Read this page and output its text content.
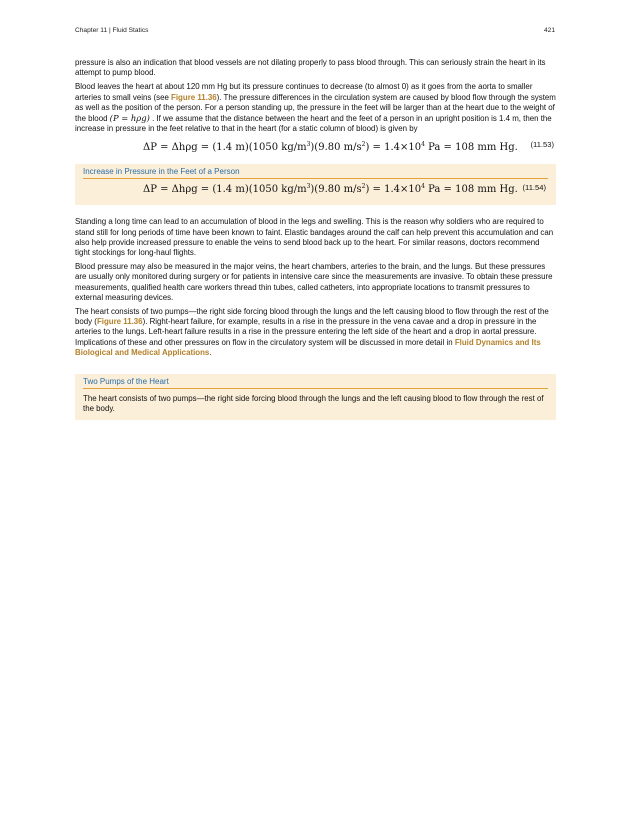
Chapter 11 | Fluid Statics	421

pressure is also an indication that blood vessels are not dilating properly to pass blood through. This can seriously strain the heart in its attempt to pump blood.

Blood leaves the heart at about 120 mm Hg but its pressure continues to decrease (to almost 0) as it goes from the aorta to smaller arteries to small veins (see Figure 11.36). The pressure differences in the circulation system are caused by blood flow through the system as well as the position of the person. For a person standing up, the pressure in the feet will be larger than at the heart due to the weight of the blood (P = hρg) . If we assume that the distance between the heart and the feet of a person in an upright position is 1.4 m, then the increase in pressure in the feet relative to that in the heart (for a static column of blood) is given by

ΔP = Δhρg = (1.4 m)(1050 $kg/m^3)(9.80$ $m/s^2) = 1.4\times 10^4$ Pa = 108 mm Hg. (11.53)
Increase in Pressure in the Feet of a Person
ΔP = Δhρg = (1.4 m)(1050 $kg/m^3)(9.80$ $m/s^2) = 1.4\times 10^4$ Pa = 108 mm Hg. (11.54)

Standing a long time can lead to an accumulation of blood in the legs and swelling. This is the reason why soldiers who are required to stand still for long periods of time have been known to faint. Elastic bandages around the calf can help prevent this accumulation and can also help provide increased pressure to enable the veins to send blood back up to the heart. For similar reasons, doctors recommend tight stockings for long-haul flights.

Blood pressure may also be measured in the major veins, the heart chambers, arteries to the brain, and the lungs. But these pressures are usually only monitored during surgery or for patients in intensive care since the measurements are invasive. To obtain these pressure measurements, qualified health care workers thread thin tubes, called catheters, into appropriate locations to transmit pressures to external measuring devices.

The heart consists of two pumps—the right side forcing blood through the lungs and the left causing blood to flow through the rest of the body (Figure 11.36). Right-heart failure, for example, results in a rise in the pressure in the vena cavae and a drop in pressure in the arteries to the lungs. Left-heart failure results in a rise in the pressure entering the left side of the heart and a drop in aortal pressure. Implications of these and other pressures on flow in the circulatory system will be discussed in more detail in Fluid Dynamics and Its Biological and Medical Applications.

Two Pumps of the Heart

The heart consists of two pumps—the right side forcing blood through the lungs and the left causing blood to flow through the rest of the body.
